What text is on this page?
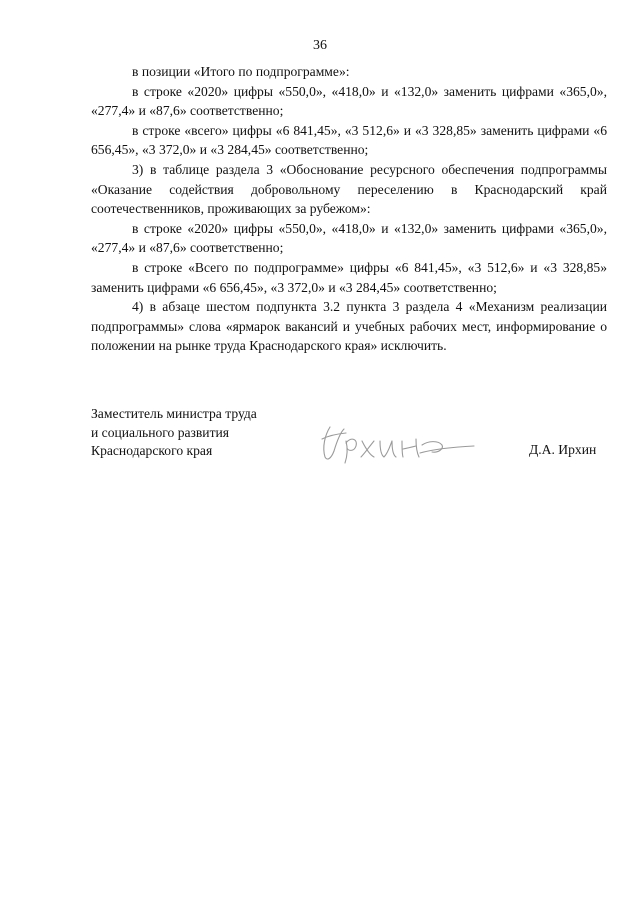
36

в позиции «Итого по подпрограмме»:

в строке «2020» цифры «550,0», «418,0» и «132,0» заменить цифрами «365,0», «277,4» и «87,6» соответственно;

в строке «всего» цифры «6 841,45», «3 512,6» и «3 328,85» заменить цифрами «6 656,45», «3 372,0» и «3 284,45» соответственно;

3) в таблице раздела 3 «Обоснование ресурсного обеспечения подпрограммы «Оказание содействия добровольному переселению в Краснодарский край соотечественников, проживающих за рубежом»:

в строке «2020» цифры «550,0», «418,0» и «132,0» заменить цифрами «365,0», «277,4» и «87,6» соответственно;

в строке «Всего по подпрограмме» цифры «6 841,45», «3 512,6» и «3 328,85» заменить цифрами «6 656,45», «3 372,0» и «3 284,45» соответственно;

4) в абзаце шестом подпункта 3.2 пункта 3 раздела 4 «Механизм реализации подпрограммы» слова «ярмарок вакансий и учебных рабочих мест, информирование о положении на рынке труда Краснодарского края» исключить.

Заместитель министра труда
и социального развития
Краснодарского края	Д.А. Ирхин
